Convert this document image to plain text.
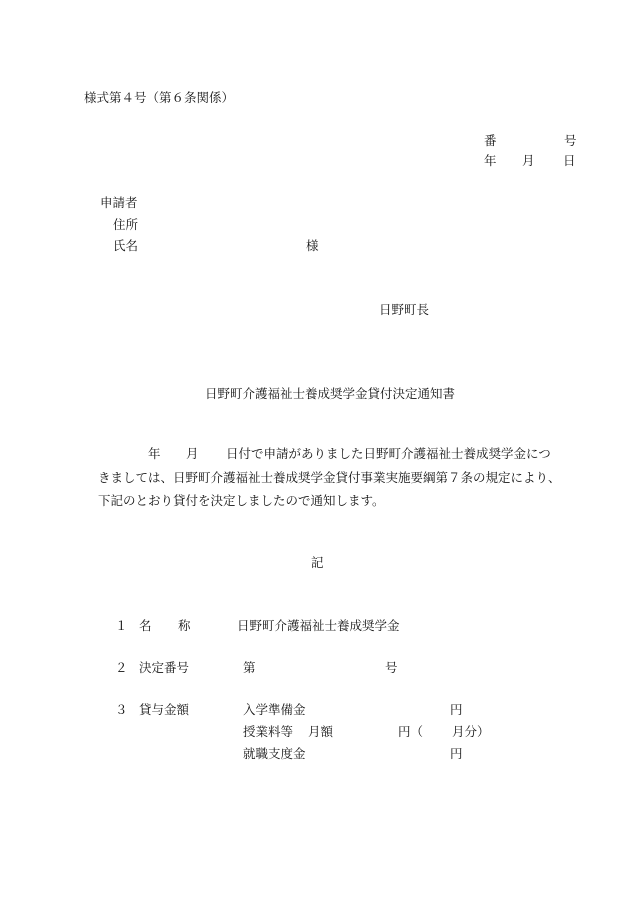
様式第４号（第６条関係）
番	号
年 月 日
申請者
住所
氏名	様
日野町長
日野町介護福祉士養成奨学金貸付決定通知書
年 月 日付で申請がありました日野町介護福祉士養成奨学金につ
きましては、日野町介護福祉士養成奨学金貸付事業実施要綱第７条の規定により、
下記のとおり貸付を決定しましたので通知します。
記
１ 名 称	日野町介護福祉士養成奨学金
２ 決定番号	第	号
３ 貸与金額	入学準備金	円
授業料等 月額	円（ 月分）
就職支度金	円
